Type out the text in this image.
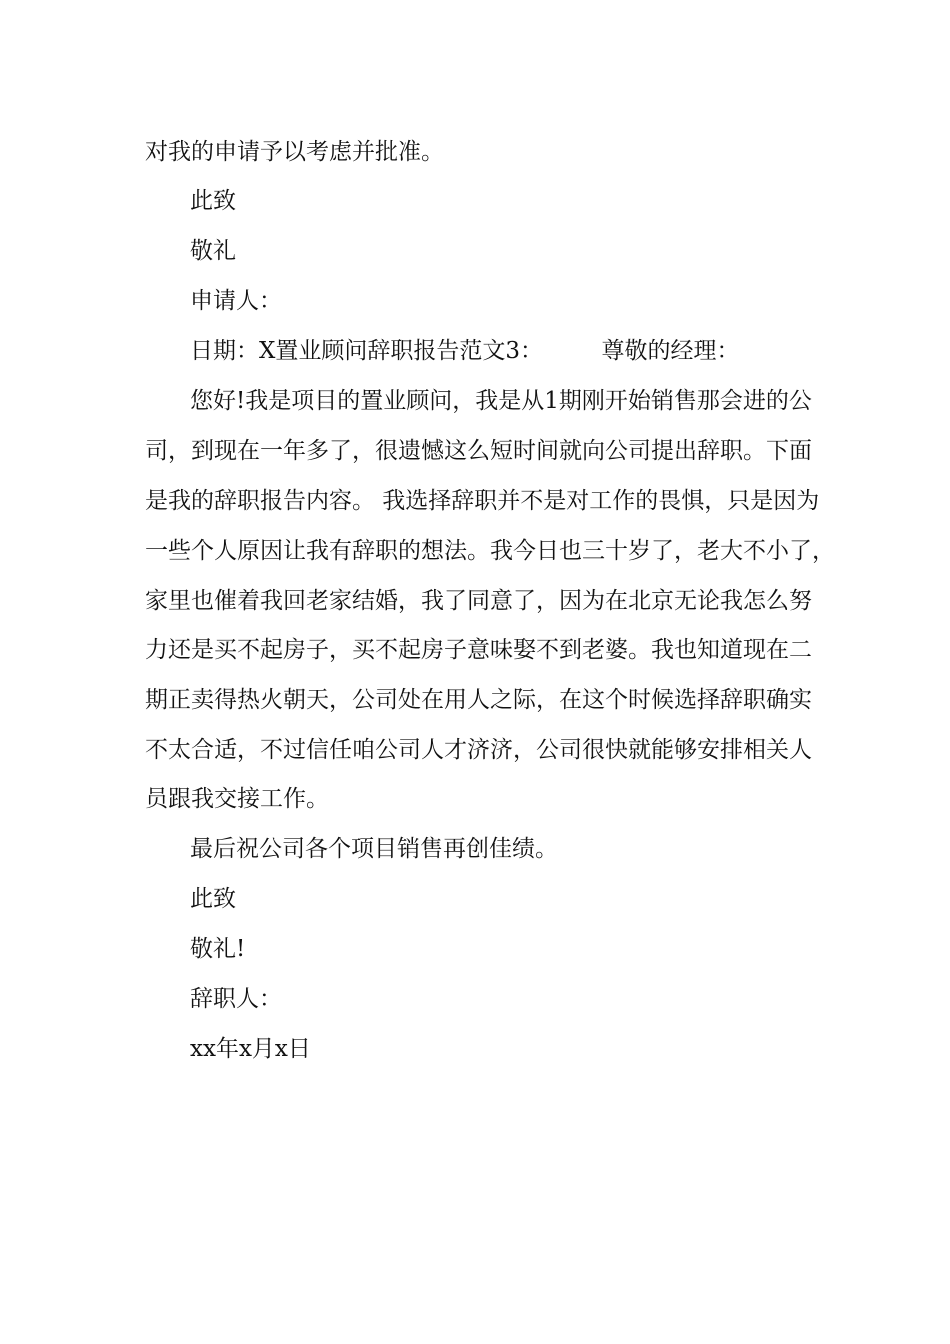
对我的申请予以考虑并批准。
此致
敬礼
申请人：
日期：X置业顾问辞职报告范文3：        尊敬的经理：
您好!我是项目的置业顾问，我是从1期刚开始销售那会进的公
司，到现在一年多了，很遗憾这么短时间就向公司提出辞职。下面
是我的辞职报告内容。 我选择辞职并不是对工作的畏惧，只是因为
一些个人原因让我有辞职的想法。我今日也三十岁了，老大不小了，
家里也催着我回老家结婚，我了同意了，因为在北京无论我怎么努
力还是买不起房子，买不起房子意味娶不到老婆。我也知道现在二
期正卖得热火朝天，公司处在用人之际，在这个时候选择辞职确实
不太合适，不过信任咱公司人才济济，公司很快就能够安排相关人
员跟我交接工作。
最后祝公司各个项目销售再创佳绩。
此致
敬礼!
辞职人：
xx年x月x日
